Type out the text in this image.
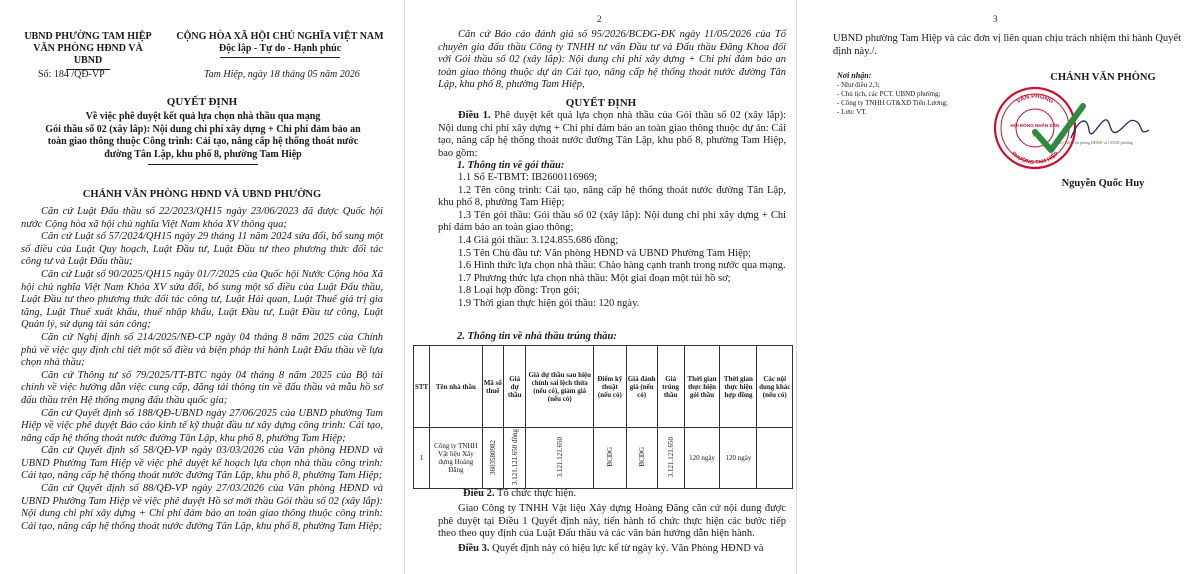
UBND PHƯỜNG TAM HIỆP
VĂN PHÒNG HĐND VÀ UBND
CỘNG HÒA XÃ HỘI CHỦ NGHĨA VIỆT NAM
Độc lập - Tự do - Hạnh phúc
Số: 184 /QĐ-VP	Tam Hiệp, ngày 18 tháng 05 năm 2026
QUYẾT ĐỊNH
Về việc phê duyệt kết quả lựa chọn nhà thầu qua mạng
Gói thầu số 02 (xây lắp): Nội dung chi phí xây dựng + Chi phí đảm bảo an
toàn giao thông thuộc Công trình: Cải tạo, nâng cấp hệ thống thoát nước
đường Tân Lập, khu phố 8, phường Tam Hiệp
CHÁNH VĂN PHÒNG HĐND VÀ UBND PHƯỜNG
Căn cứ Luật Đấu thầu số 22/2023/QH15 ngày 23/06/2023 đã được Quốc hội nước Cộng hòa xã hội chủ nghĩa Việt Nam khóa XV thông qua;
Căn cứ Luật số 57/2024/QH15 ngày 29 tháng 11 năm 2024 sửa đổi, bổ sung một số điều của Luật Quy hoạch, Luật Đầu tư, Luật Đầu tư theo phương thức đối tác công tư và Luật Đấu thầu;
Căn cứ Luật số 90/2025/QH15 ngày 01/7/2025 của Quốc hội Nước Cộng hòa Xã hội chủ nghĩa Việt Nam Khóa XV sửa đổi, bổ sung một số điều của Luật Đấu thầu, Luật Đầu tư theo phương thức đối tác công tư, Luật Hải quan, Luật Thuế giá trị gia tăng, Luật Thuế xuất khẩu, thuế nhập khẩu, Luật Đầu tư, Luật Đầu tư công, Luật Quản lý, sử dụng tài sản công;
Căn cứ Nghị định số 214/2025/NĐ-CP ngày 04 tháng 8 năm 2025 của Chính phủ về việc quy định chi tiết một số điều và biện pháp thi hành Luật Đấu thầu về lựa chọn nhà thầu;
Căn cứ Thông tư số 79/2025/TT-BTC ngày 04 tháng 8 năm 2025 của Bộ tài chính về việc hướng dẫn việc cung cấp, đăng tải thông tin về đấu thầu và mẫu hồ sơ đấu thầu trên Hệ thống mạng đấu thầu quốc gia;
Căn cứ Quyết định số 188/QĐ-UBND ngày 27/06/2025 của UBND phường Tam Hiệp về việc phê duyệt Báo cáo kinh tế kỹ thuật đầu tư xây dựng công trình: Cải tạo, nâng cấp hệ thống thoát nước đường Tân Lập, khu phố 8, phường Tam Hiệp;
Căn cứ Quyết định số 58/QĐ-VP ngày 03/03/2026 của Văn phòng HĐND và UBND Phường Tam Hiệp về việc phê duyệt kế hoạch lựa chọn nhà thầu công trình: Cải tạo, nâng cấp hệ thống thoát nước đường Tân Lập, khu phố 8, phường Tam Hiệp;
Căn cứ Quyết định số 88/QĐ-VP ngày 27/03/2026 của Văn phòng HĐND và UBND Phường Tam Hiệp về việc phê duyệt Hồ sơ mời thầu Gói thầu số 02 (xây lắp): Nội dung chi phí xây dựng + Chi phí đảm bảo an toàn giao thông thuộc công trình: Cải tạo, nâng cấp hệ thống thoát nước đường Tân Lập, khu phố 8, phường Tam Hiệp;
2
Căn cứ Báo cáo đánh giá số 95/2026/BCĐG-ĐK ngày 11/05/2026 của Tổ chuyên gia đấu thầu Công ty TNHH tư vấn Đầu tư và Đấu thầu Đăng Khoa đối với Gói thầu số 02 (xây lắp): Nội dung chi phí xây dựng + Chi phí đảm bảo an toàn giao thông thuộc dự án Cải tạo, nâng cấp hệ thống thoát nước đường Tân Lập, khu phố 8, phường Tam Hiệp,
QUYẾT ĐỊNH
Điều 1. Phê duyệt kết quả lựa chọn nhà thầu của Gói thầu số 02 (xây lắp): Nội dung chi phí xây dựng + Chi phí đảm bảo an toàn giao thông thuộc dự án: Cải tạo, nâng cấp hệ thống thoát nước đường Tân Lập, khu phố 8, phường Tam Hiệp, bao gồm:
1. Thông tin về gói thầu:
1.1 Số E-TBMT: IB2600116969;
1.2 Tên công trình: Cải tạo, nâng cấp hệ thống thoát nước đường Tân Lập, khu phố 8, phường Tam Hiệp;
1.3 Tên gói thầu: Gói thầu số 02 (xây lắp): Nội dung chi phí xây dựng + Chi phí đảm bảo an toàn giao thông;
1.4 Giá gói thầu: 3.124.855.686 đồng;
1.5 Tên Chủ đầu tư: Văn phòng HĐND và UBND Phường Tam Hiệp;
1.6 Hình thức lựa chọn nhà thầu: Chào hàng cạnh tranh trong nước qua mạng.
1.7 Phương thức lựa chọn nhà thầu: Một giai đoạn một túi hồ sơ;
1.8 Loại hợp đồng: Trọn gói;
1.9 Thời gian thực hiện gói thầu: 120 ngày.
2. Thông tin về nhà thầu trúng thầu:
STT	Tên nhà thầu	Mã số thuế	Giá dự thầu	Giá dự thầu sau hiệu chỉnh sai lệch thừa (nếu có), giảm giá (nếu có)	Điểm kỹ thuật (nếu có)	Giá đánh giá (nếu có)	Giá trúng thầu	Thời gian thực hiện gói thầu	Thời gian thực hiện hợp đồng	Các nội dung khác (nếu có)
1	Công ty TNHH Vật liệu Xây dựng Hoàng Đăng	3603580982	3.121.121.650 đồng	3.121.121.650	BCĐG	BCĐG	3.121.121.650	120 ngày	120 ngày	
Điều 2. Tổ chức thực hiện.
Giao Công ty TNHH Vật liệu Xây dựng Hoàng Đăng căn cứ nội dung được phê duyệt tại Điều 1 Quyết định này, tiến hành tổ chức thực hiện các bước tiếp theo theo quy định của Luật Đấu thầu và các văn bản hướng dẫn hiện hành.
Điều 3. Quyết định này có hiệu lực kể từ ngày ký. Văn Phòng HĐND và
3
UBND phường Tam Hiệp và các đơn vị liên quan chịu trách nhiệm thi hành Quyết định này./.
Nơi nhận:
- Như điều 2,3;
- Chủ tịch, các PCT. UBND phường;
- Công ty TNHH GT&XD Tiến Lương;
- Lưu: VT.
CHÁNH VĂN PHÒNG
VĂN PHÒNG
HỘI ĐỒNG NHÂN DÂN
PHƯỜNG TAM HIỆP
★
Ký bởi: Văn phòng HĐND và UBND phường
Nguyễn Quốc Huy
